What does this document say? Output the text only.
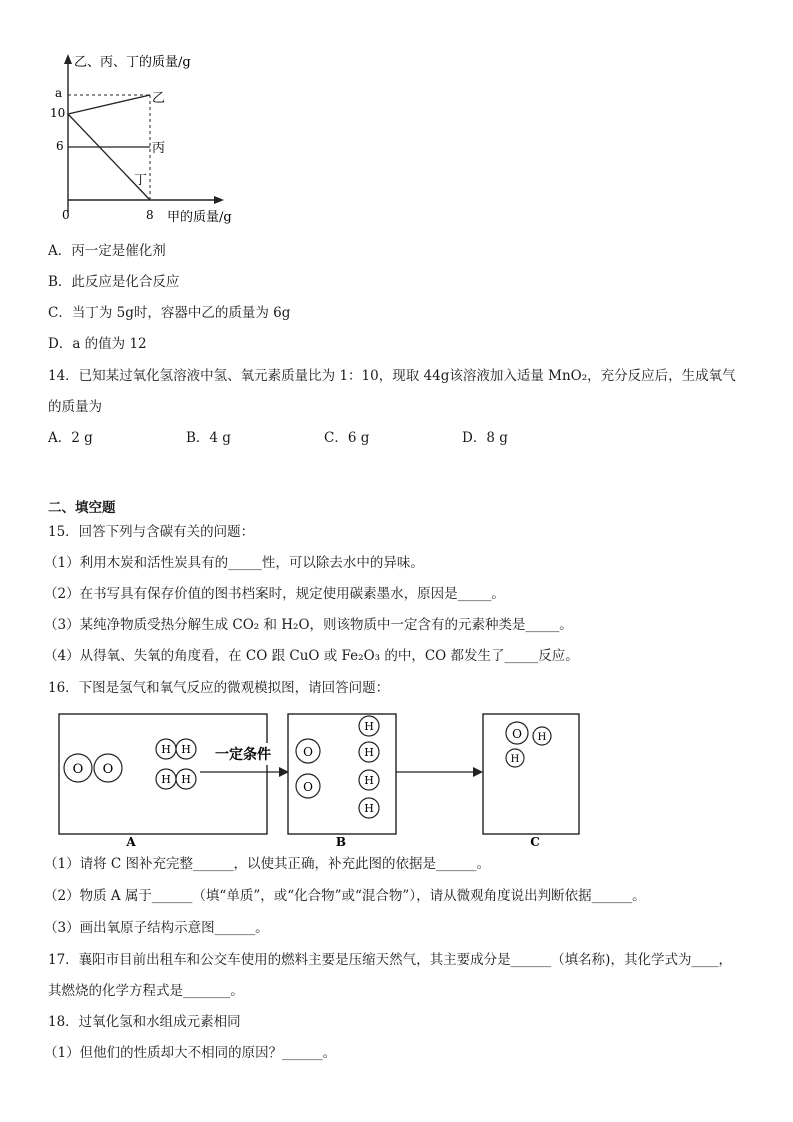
乙、丙、丁的质量/g
a
10
6
0	8 甲的质量/g
乙
丙
丁
A．丙一定是催化剂
B．此反应是化合反应
C．当丁为 5g时，容器中乙的质量为 6g
D．a 的值为 12
14．已知某过氧化氢溶液中氢、氧元素质量比为 1：10，现取 44g该溶液加入适量 MnO₂，充分反应后，生成氧气
的质量为
A．2 g	B．4 g	C．6 g	D．8 g
二、填空题
15．回答下列与含碳有关的问题：
（1）利用木炭和活性炭具有的_____性，可以除去水中的异味。
（2）在书写具有保存价值的图书档案时，规定使用碳素墨水，原因是_____。
（3）某纯净物质受热分解生成 CO₂ 和 H₂O，则该物质中一定含有的元素种类是_____。
（4）从得氧、失氧的角度看，在 CO 跟 CuO 或 Fe₂O₃ 的中，CO 都发生了_____反应。
16．下图是氢气和氧气反应的微观模拟图，请回答问题：
O O
H H
H H
一定条件	O
O
H
H
H
H
O H
H
A	B	C
（1）请将 C 图补充完整______，以使其正确，补充此图的依据是______。
（2）物质 A 属于______（填“单质”，或“化合物”或“混合物”），请从微观角度说出判断依据______。
（3）画出氧原子结构示意图______。
17．襄阳市目前出租车和公交车使用的燃料主要是压缩天然气，其主要成分是______（填名称)，其化学式为____，
其燃烧的化学方程式是_______。
18．过氧化氢和水组成元素相同
（1）但他们的性质却大不相同的原因？______。
